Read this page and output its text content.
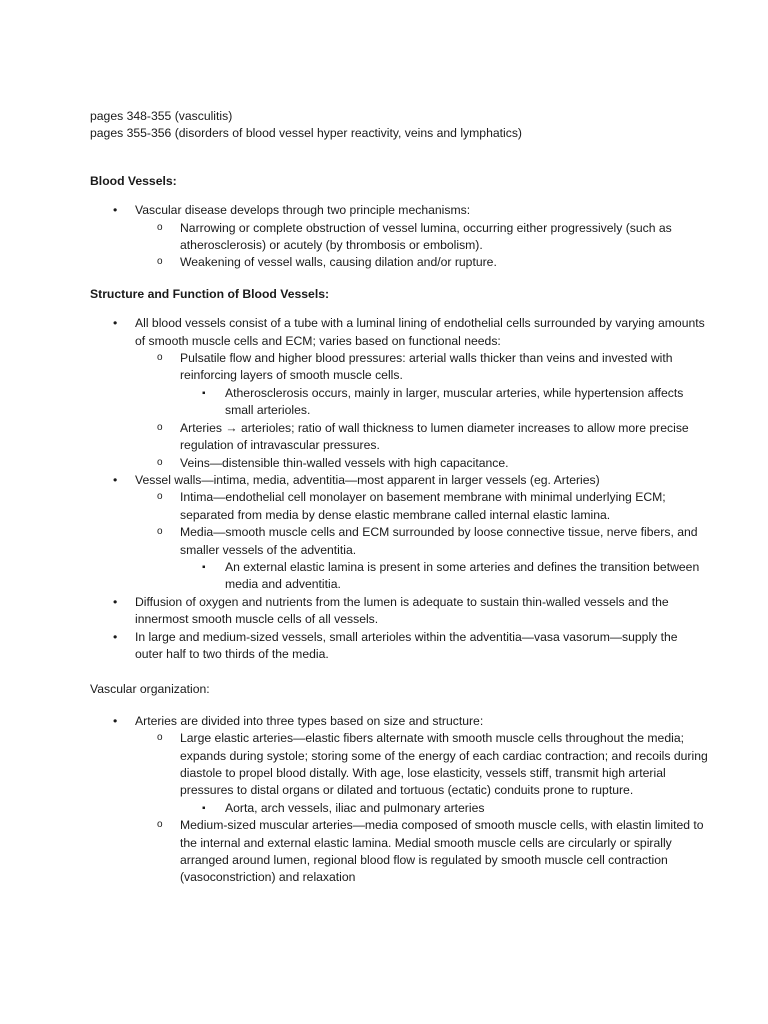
pages 348-355 (vasculitis)

pages 355-356 (disorders of blood vessel hyper reactivity, veins and lymphatics)

Blood Vessels:

• Vascular disease develops through two principle mechanisms:
o Narrowing or complete obstruction of vessel lumina, occurring either progressively (such as atherosclerosis) or acutely (by thrombosis or embolism).
o Weakening of vessel walls, causing dilation and/or rupture.

Structure and Function of Blood Vessels:

• All blood vessels consist of a tube with a luminal lining of endothelial cells surrounded by varying amounts of smooth muscle cells and ECM; varies based on functional needs:
o Pulsatile flow and higher blood pressures: arterial walls thicker than veins and invested with reinforcing layers of smooth muscle cells.
▪ Atherosclerosis occurs, mainly in larger, muscular arteries, while hypertension affects small arterioles.
o Arteries → arterioles; ratio of wall thickness to lumen diameter increases to allow more precise regulation of intravascular pressures.
o Veins—distensible thin-walled vessels with high capacitance.
• Vessel walls—intima, media, adventitia—most apparent in larger vessels (eg. Arteries)
o Intima—endothelial cell monolayer on basement membrane with minimal underlying ECM; separated from media by dense elastic membrane called internal elastic lamina.
o Media—smooth muscle cells and ECM surrounded by loose connective tissue, nerve fibers, and smaller vessels of the adventitia.
▪ An external elastic lamina is present in some arteries and defines the transition between media and adventitia.
• Diffusion of oxygen and nutrients from the lumen is adequate to sustain thin-walled vessels and the innermost smooth muscle cells of all vessels.
• In large and medium-sized vessels, small arterioles within the adventitia—vasa vasorum—supply the outer half to two thirds of the media.

Vascular organization:

• Arteries are divided into three types based on size and structure:
o Large elastic arteries—elastic fibers alternate with smooth muscle cells throughout the media; expands during systole; storing some of the energy of each cardiac contraction; and recoils during diastole to propel blood distally. With age, lose elasticity, vessels stiff, transmit high arterial pressures to distal organs or dilated and tortuous (ectatic) conduits prone to rupture.
▪ Aorta, arch vessels, iliac and pulmonary arteries
o Medium-sized muscular arteries—media composed of smooth muscle cells, with elastin limited to the internal and external elastic lamina. Medial smooth muscle cells are circularly or spirally arranged around lumen, regional blood flow is regulated by smooth muscle cell contraction (vasoconstriction) and relaxation
